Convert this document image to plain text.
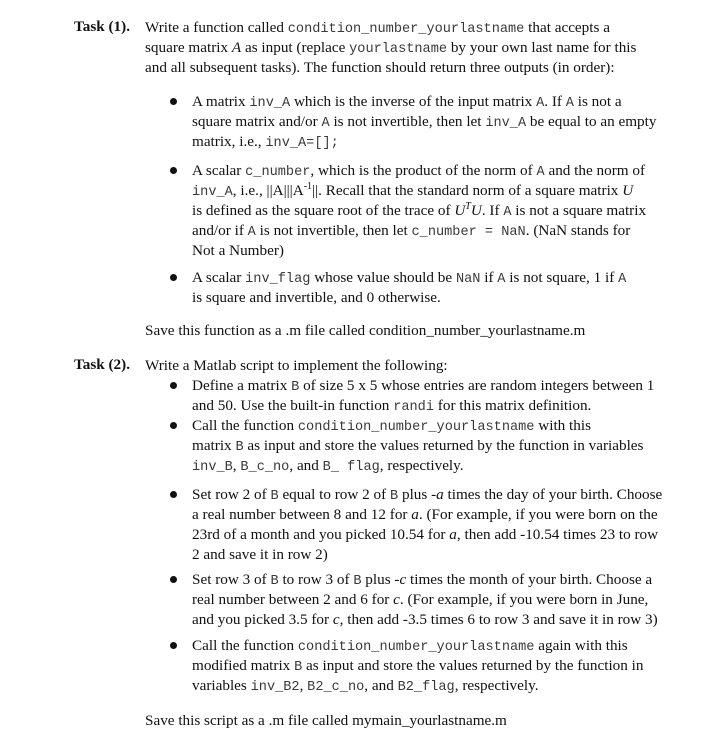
Task (1). Write a function called condition_number_yourlastname that accepts a
square matrix A as input (replace yourlastname by your own last name for this
and all subsequent tasks). The function should return three outputs (in order):
A matrix inv_A which is the inverse of the input matrix A. If A is not a
square matrix and/or A is not invertible, then let inv_A be equal to an empty
matrix, i.e., inv_A=[];
A scalar c_number, which is the product of the norm of A and the norm of
inv_A, i.e., $||A|||A^{-1}||$. Recall that the standard norm of a square matrix U
is defined as the square root of the trace of $U^TU$. If A is not a square matrix
and/or if A is not invertible, then let c_number = NaN. (NaN stands for
Not a Number)
A scalar inv_flag whose value should be NaN if A is not square, 1 if A
is square and invertible, and 0 otherwise.
Save this function as a .m file called condition_number_yourlastname.m
Task (2). Write a Matlab script to implement the following:
Define a matrix B of size 5 x 5 whose entries are random integers between 1
and 50. Use the built-in function randi for this matrix definition.
Call the function condition_number_yourlastname with this
matrix B as input and store the values returned by the function in variables
inv_B, B_c_no, and B_ flag, respectively.
Set row 2 of B equal to row 2 of B plus -a times the day of your birth. Choose
a real number between 8 and 12 for a. (For example, if you were born on the
23rd of a month and you picked 10.54 for a, then add -10.54 times 23 to row
2 and save it in row 2)
Set row 3 of B to row 3 of B plus -c times the month of your birth. Choose a
real number between 2 and 6 for c. (For example, if you were born in June,
and you picked 3.5 for c, then add -3.5 times 6 to row 3 and save it in row 3)
Call the function condition_number_yourlastname again with this
modified matrix B as input and store the values returned by the function in
variables inv_B2, B2_c_no, and B2_flag, respectively.
Save this script as a .m file called mymain_yourlastname.m
